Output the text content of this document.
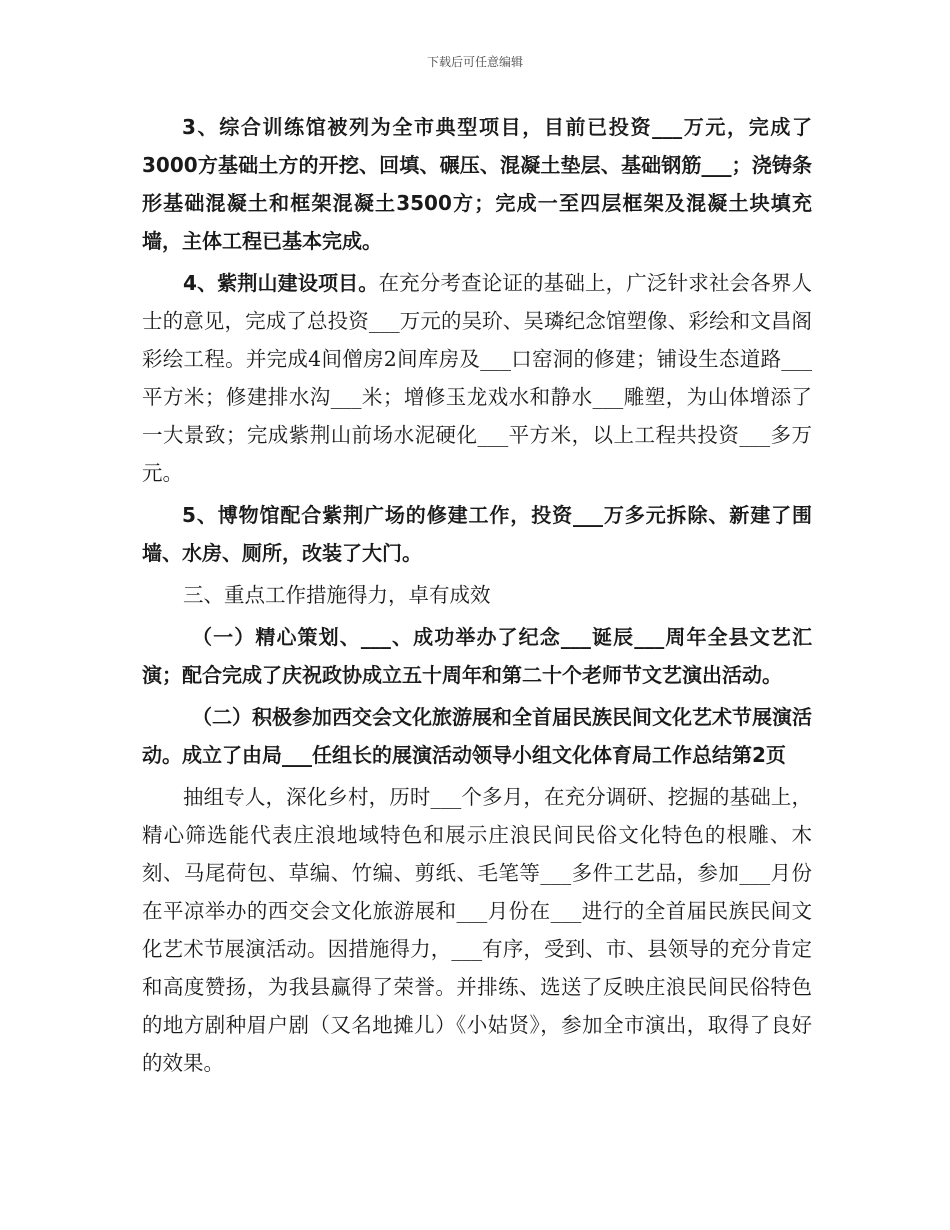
下载后可任意编辑

3、综合训练馆被列为全市典型项目，目前已投资___万元，完成了3000方基础土方的开挖、回填、碾压、混凝土垫层、基础钢筋___；浇铸条形基础混凝土和框架混凝土3500方；完成一至四层框架及混凝土块填充墙，主体工程已基本完成。

4、紫荆山建设项目。在充分考查论证的基础上，广泛针求社会各界人士的意见，完成了总投资___万元的吴玠、吴璘纪念馆塑像、彩绘和文昌阁彩绘工程。并完成4间僧房2间库房及___口窑洞的修建；铺设生态道路___平方米；修建排水沟___米；增修玉龙戏水和静水___雕塑，为山体增添了一大景致；完成紫荆山前场水泥硬化___平方米，以上工程共投资___多万元。

5、博物馆配合紫荆广场的修建工作，投资___万多元拆除、新建了围墙、水房、厕所，改装了大门。

三、重点工作措施得力，卓有成效

（一）精心策划、___、成功举办了纪念___诞辰___周年全县文艺汇演；配合完成了庆祝政协成立五十周年和第二十个老师节文艺演出活动。

（二）积极参加西交会文化旅游展和全首届民族民间文化艺术节展演活动。成立了由局___任组长的展演活动领导小组文化体育局工作总结第2页

抽组专人，深化乡村，历时___个多月，在充分调研、挖掘的基础上，精心筛选能代表庄浪地域特色和展示庄浪民间民俗文化特色的根雕、木刻、马尾荷包、草编、竹编、剪纸、毛笔等___多件工艺品，参加___月份在平凉举办的西交会文化旅游展和___月份在___进行的全首届民族民间文化艺术节展演活动。因措施得力，___有序，受到、市、县领导的充分肯定和高度赞扬，为我县赢得了荣誉。并排练、选送了反映庄浪民间民俗特色的地方剧种眉户剧（又名地摊儿）《小姑贤》，参加全市演出，取得了良好的效果。
